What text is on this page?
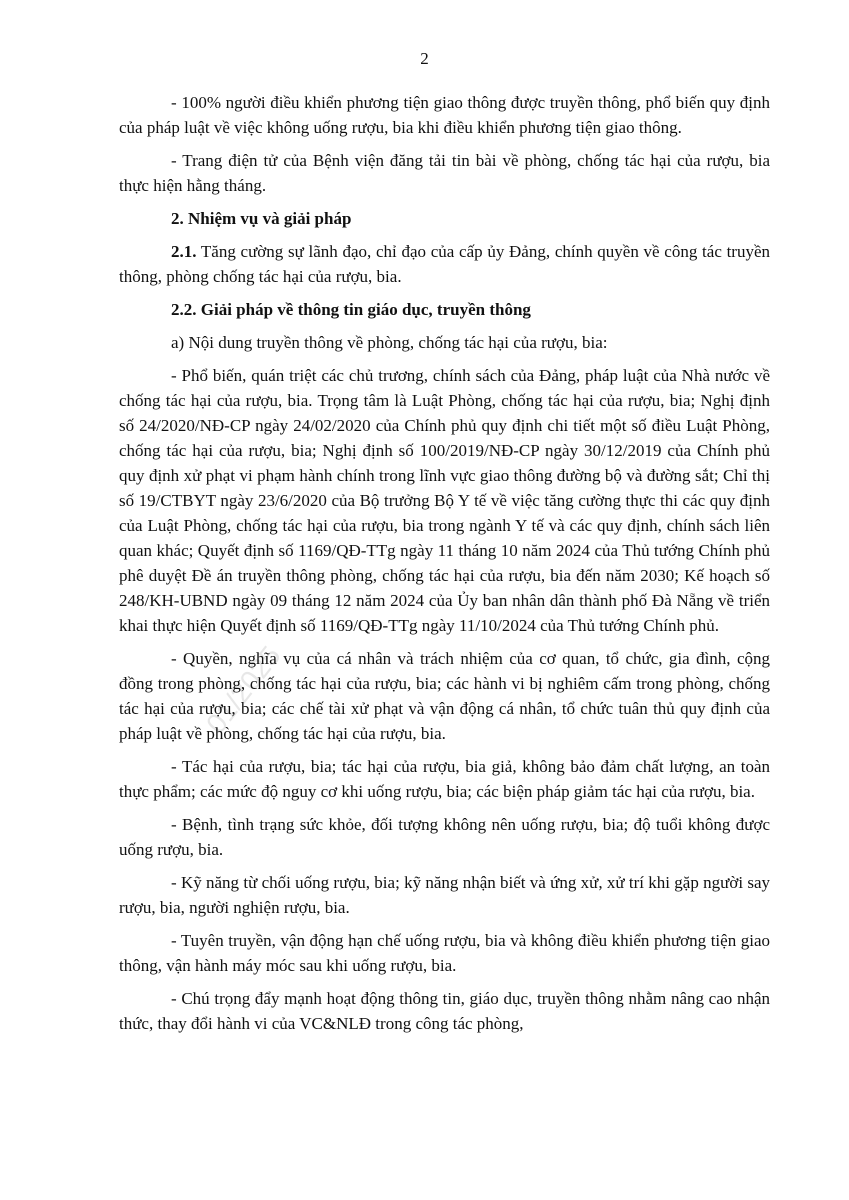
2
01/2025

- 100% người điều khiển phương tiện giao thông được truyền thông, phổ biến quy định của pháp luật về việc không uống rượu, bia khi điều khiển phương tiện giao thông.

- Trang điện tử của Bệnh viện đăng tải tin bài về phòng, chống tác hại của rượu, bia thực hiện hằng tháng.

2. Nhiệm vụ và giải pháp

2.1. Tăng cường sự lãnh đạo, chỉ đạo của cấp ủy Đảng, chính quyền về công tác truyền thông, phòng chống tác hại của rượu, bia.

2.2. Giải pháp về thông tin giáo dục, truyền thông

a) Nội dung truyền thông về phòng, chống tác hại của rượu, bia:

- Phổ biến, quán triệt các chủ trương, chính sách của Đảng, pháp luật của Nhà nước về chống tác hại của rượu, bia. Trọng tâm là Luật Phòng, chống tác hại của rượu, bia; Nghị định số 24/2020/NĐ-CP ngày 24/02/2020 của Chính phủ quy định chi tiết một số điều Luật Phòng, chống tác hại của rượu, bia; Nghị định số 100/2019/NĐ-CP ngày 30/12/2019 của Chính phủ quy định xử phạt vi phạm hành chính trong lĩnh vực giao thông đường bộ và đường sắt; Chỉ thị số 19/CTBYT ngày 23/6/2020 của Bộ trưởng Bộ Y tế về việc tăng cường thực thi các quy định của Luật Phòng, chống tác hại của rượu, bia trong ngành Y tế và các quy định, chính sách liên quan khác; Quyết định số 1169/QĐ-TTg ngày 11 tháng 10 năm 2024 của Thủ tướng Chính phủ phê duyệt Đề án truyền thông phòng, chống tác hại của rượu, bia đến năm 2030; Kế hoạch số 248/KH-UBND ngày 09 tháng 12 năm 2024 của Ủy ban nhân dân thành phố Đà Nẵng về triển khai thực hiện Quyết định số 1169/QĐ-TTg ngày 11/10/2024 của Thủ tướng Chính phủ.

- Quyền, nghĩa vụ của cá nhân và trách nhiệm của cơ quan, tổ chức, gia đình, cộng đồng trong phòng, chống tác hại của rượu, bia; các hành vi bị nghiêm cấm trong phòng, chống tác hại của rượu, bia; các chế tài xử phạt và vận động cá nhân, tổ chức tuân thủ quy định của pháp luật về phòng, chống tác hại của rượu, bia.

- Tác hại của rượu, bia; tác hại của rượu, bia giả, không bảo đảm chất lượng, an toàn thực phẩm; các mức độ nguy cơ khi uống rượu, bia; các biện pháp giảm tác hại của rượu, bia.

- Bệnh, tình trạng sức khỏe, đối tượng không nên uống rượu, bia; độ tuổi không được uống rượu, bia.

- Kỹ năng từ chối uống rượu, bia; kỹ năng nhận biết và ứng xử, xử trí khi gặp người say rượu, bia, người nghiện rượu, bia.

- Tuyên truyền, vận động hạn chế uống rượu, bia và không điều khiển phương tiện giao thông, vận hành máy móc sau khi uống rượu, bia.

- Chú trọng đẩy mạnh hoạt động thông tin, giáo dục, truyền thông nhằm nâng cao nhận thức, thay đổi hành vi của VC&NLĐ trong công tác phòng,
